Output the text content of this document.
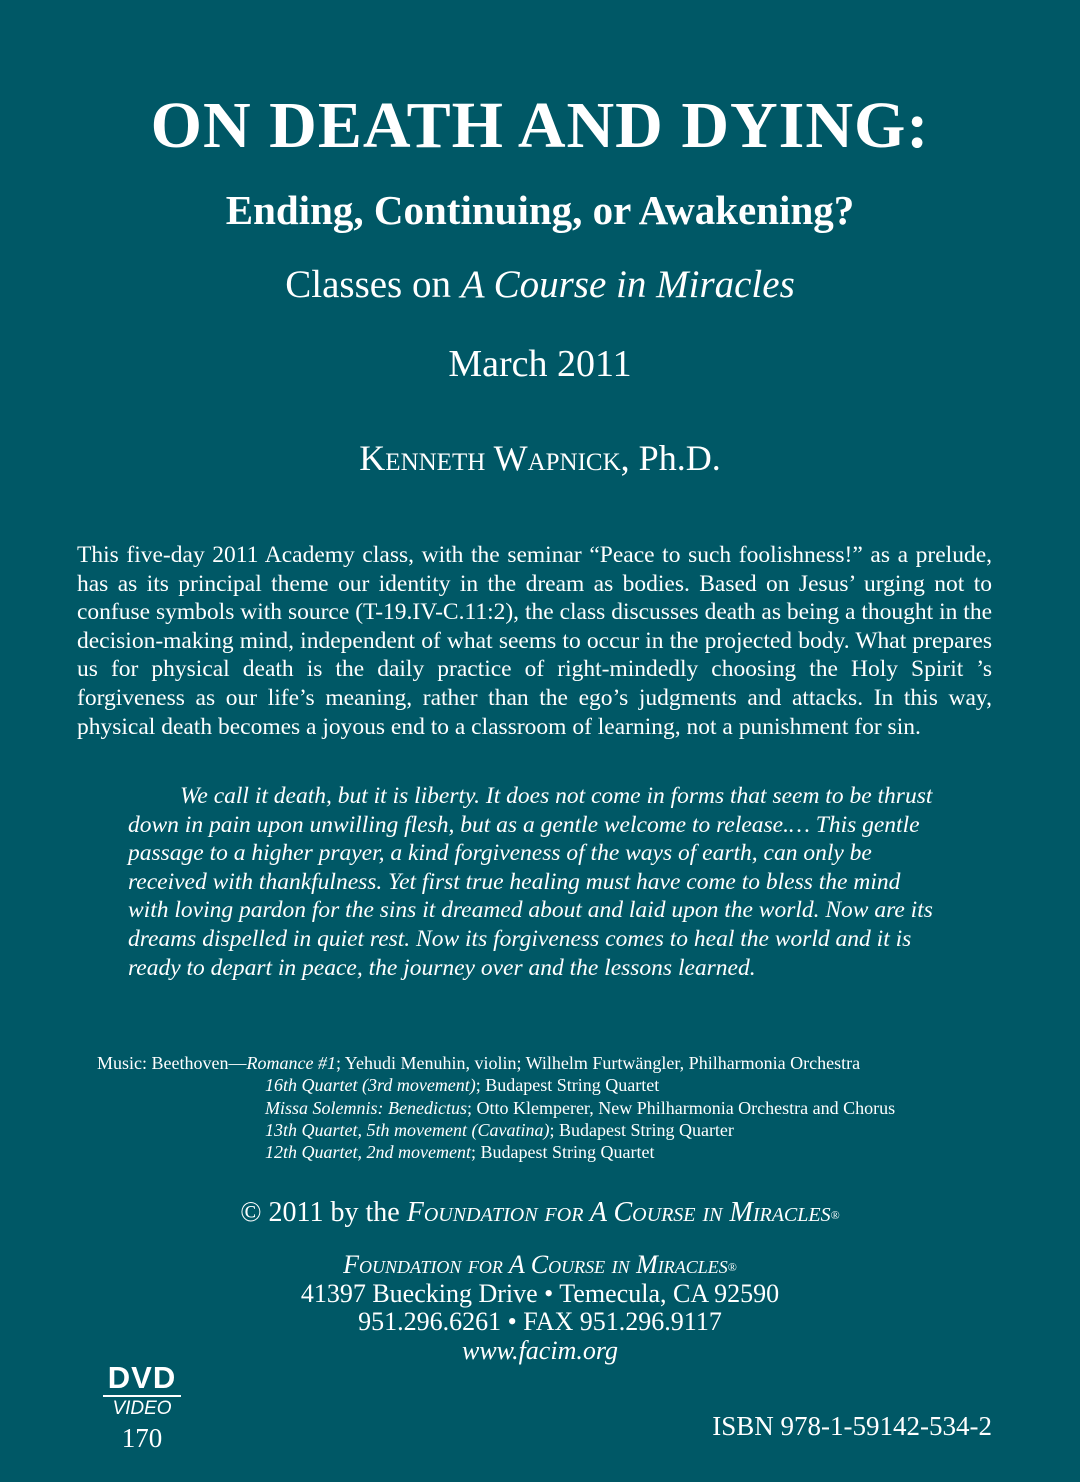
ON DEATH AND DYING:
Ending, Continuing, or Awakening?
Classes on A Course in Miracles
March 2011
Kenneth Wapnick, Ph.D.

This five-day 2011 Academy class, with the seminar “Peace to such foolishness!” as a prelude, has as its principal theme our identity in the dream as bodies. Based on Jesus’ urging not to confuse symbols with source (T-19.IV-C.11:2), the class discusses death as being a thought in the decision-making mind, independent of what seems to occur in the projected body. What prepares us for physical death is the daily practice of right-mindedly choosing the Holy Spirit ’s forgiveness as our life’s meaning, rather than the ego’s judgments and attacks. In this way, physical death becomes a joyous end to a classroom of learning, not a punishment for sin.

We call it death, but it is liberty. It does not come in forms that seem to be thrust down in pain upon unwilling flesh, but as a gentle welcome to release.… This gentle passage to a higher prayer, a kind forgiveness of the ways of earth, can only be received with thankfulness. Yet first true healing must have come to bless the mind with loving pardon for the sins it dreamed about and laid upon the world. Now are its dreams dispelled in quiet rest. Now its forgiveness comes to heal the world and it is ready to depart in peace, the journey over and the lessons learned.

Music: Beethoven—Romance #1; Yehudi Menuhin, violin; Wilhelm Furtwängler, Philharmonia Orchestra
16th Quartet (3rd movement); Budapest String Quartet
Missa Solemnis: Benedictus; Otto Klemperer, New Philharmonia Orchestra and Chorus
13th Quartet, 5th movement (Cavatina); Budapest String Quarter
12th Quartet, 2nd movement; Budapest String Quartet
© 2011 by the Foundation for A Course in Miracles®
Foundation for A Course in Miracles®
41397 Buecking Drive • Temecula, CA 92590
951.296.6261 • FAX 951.296.9117
www.facim.org
DVD
VIDEO
170	ISBN 978-1-59142-534-2
